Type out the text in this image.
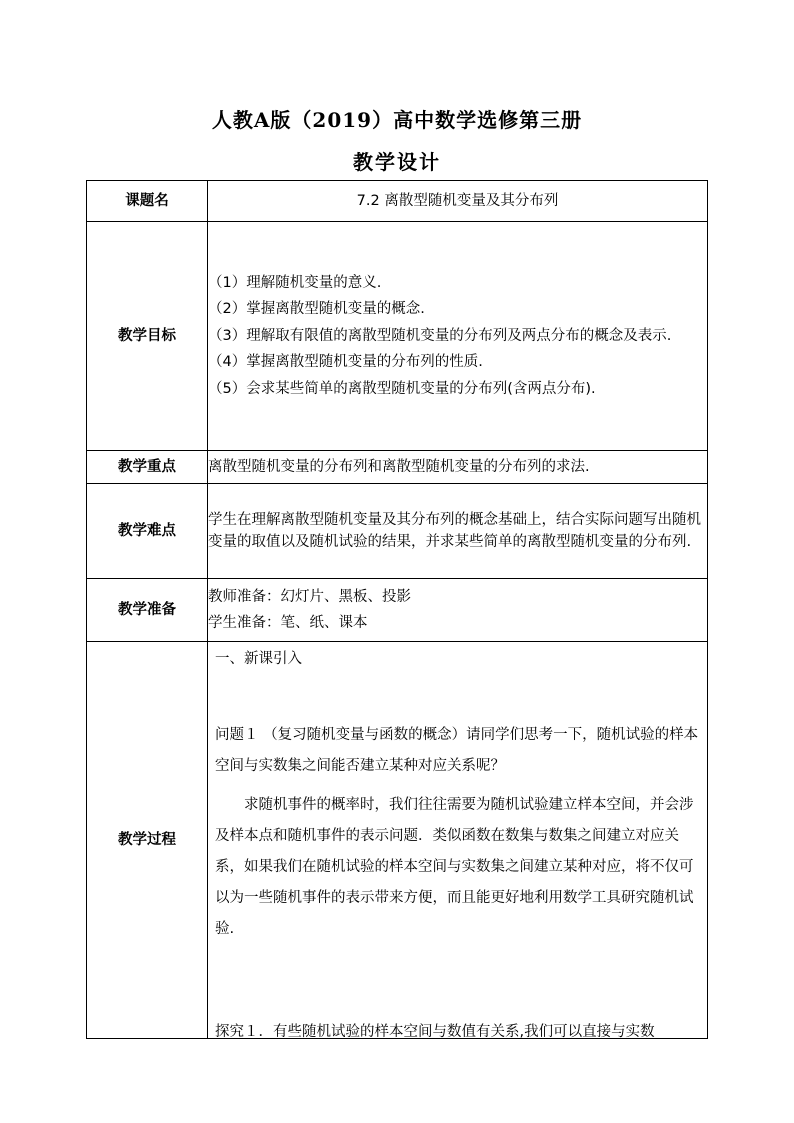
人教A版（2019）高中数学选修第三册
教学设计
课题名	7.2 离散型随机变量及其分布列
教学目标	（1）理解随机变量的意义.
（2）掌握离散型随机变量的概念.
（3）理解取有限值的离散型随机变量的分布列及两点分布的概念及表示.
（4）掌握离散型随机变量的分布列的性质.
（5）会求某些简单的离散型随机变量的分布列(含两点分布).

教学重点	离散型随机变量的分布列和离散型随机变量的分布列的求法.
教学难点	学生在理解离散型随机变量及其分布列的概念基础上，结合实际问题写出随机变量的取值以及随机试验的结果，并求某些简单的离散型随机变量的分布列.
教学准备	教师准备：幻灯片、黑板、投影
学生准备：笔、纸、课本

教学过程	一、新课引入
问题１ （复习随机变量与函数的概念）请同学们思考一下，随机试验的样本空间与实数集之间能否建立某种对应关系呢？
求随机事件的概率时，我们往往需要为随机试验建立样本空间，并会涉及样本点和随机事件的表示问题．类似函数在数集与数集之间建立对应关系，如果我们在随机试验的样本空间与实数集之间建立某种对应，将不仅可以为一些随机事件的表示带来方便，而且能更好地利用数学工具研究随机试验.
探究１．有些随机试验的样本空间与数值有关系,我们可以直接与实数
